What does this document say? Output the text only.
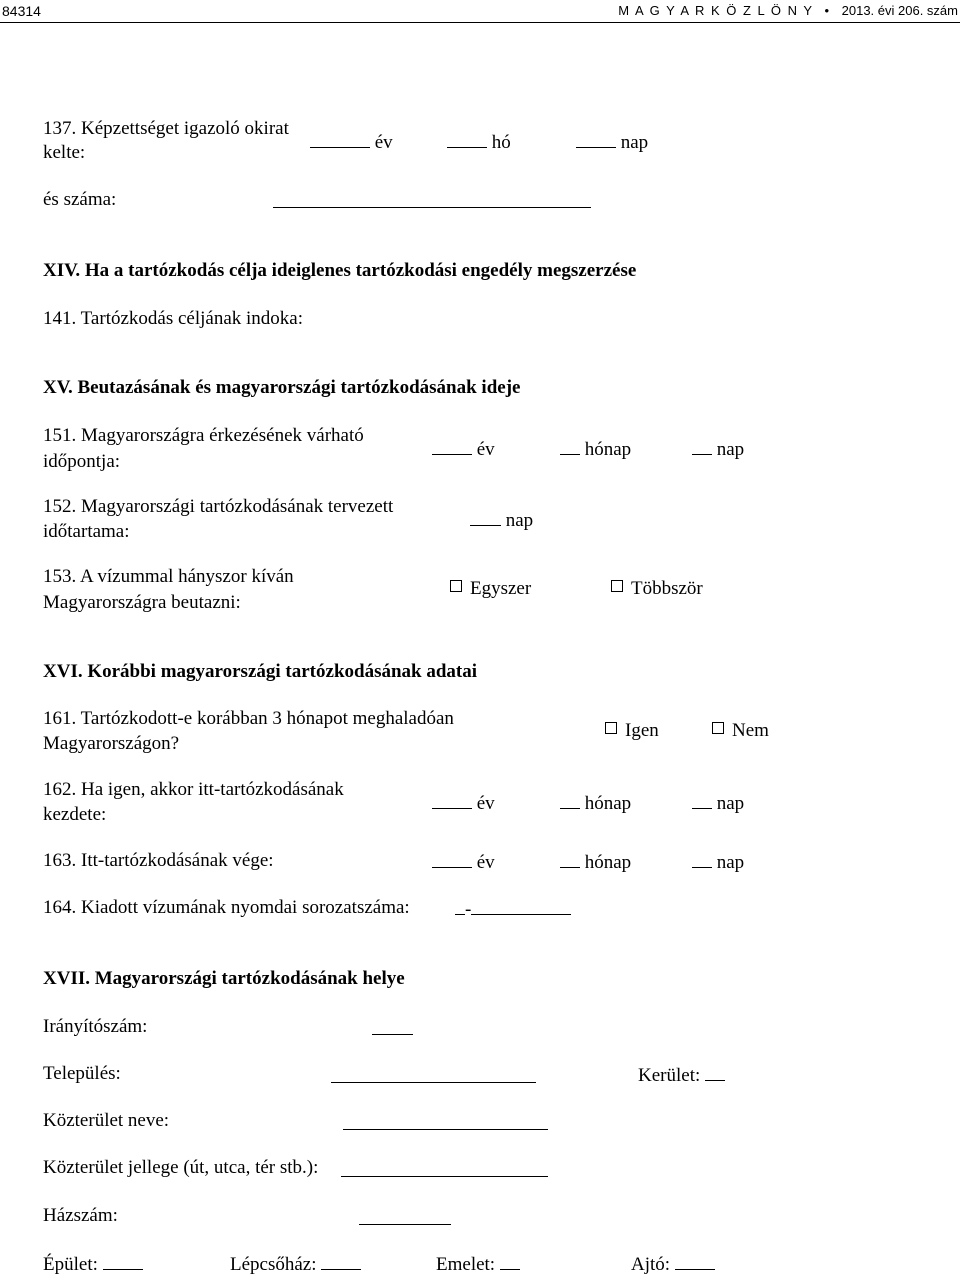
84314	M A G Y A R K Ö Z L Ö N Y • 2013. évi 206. szám
137. Képzettséget igazoló okirat
kelte:	év	hó	nap
és száma:
XIV. Ha a tartózkodás célja ideiglenes tartózkodási engedély megszerzése
141. Tartózkodás céljának indoka:
XV. Beutazásának és magyarországi tartózkodásának ideje
151. Magyarországra érkezésének várható
időpontja:
év	hónap	nap
152. Magyarországi tartózkodásának tervezett
időtartama:
nap
153. A vízummal hányszor kíván
Magyarországra beutazni:
Egyszer	Többször
XVI. Korábbi magyarországi tartózkodásának adatai
161. Tartózkodott-e korábban 3 hónapot meghaladóan
Magyarországon?
Igen	Nem
162. Ha igen, akkor itt-tartózkodásának
kezdete:
év	hónap	nap
163. Itt-tartózkodásának vége:	év	hónap	nap
164. Kiadott vízumának nyomdai sorozatszáma:	-
XVII. Magyarországi tartózkodásának helye
Irányítószám:
Település:	Kerület:
Közterület neve:
Közterület jellege (út, utca, tér stb.):
Házszám:
Épület:	Lépcsőház:	Emelet:	Ajtó:
